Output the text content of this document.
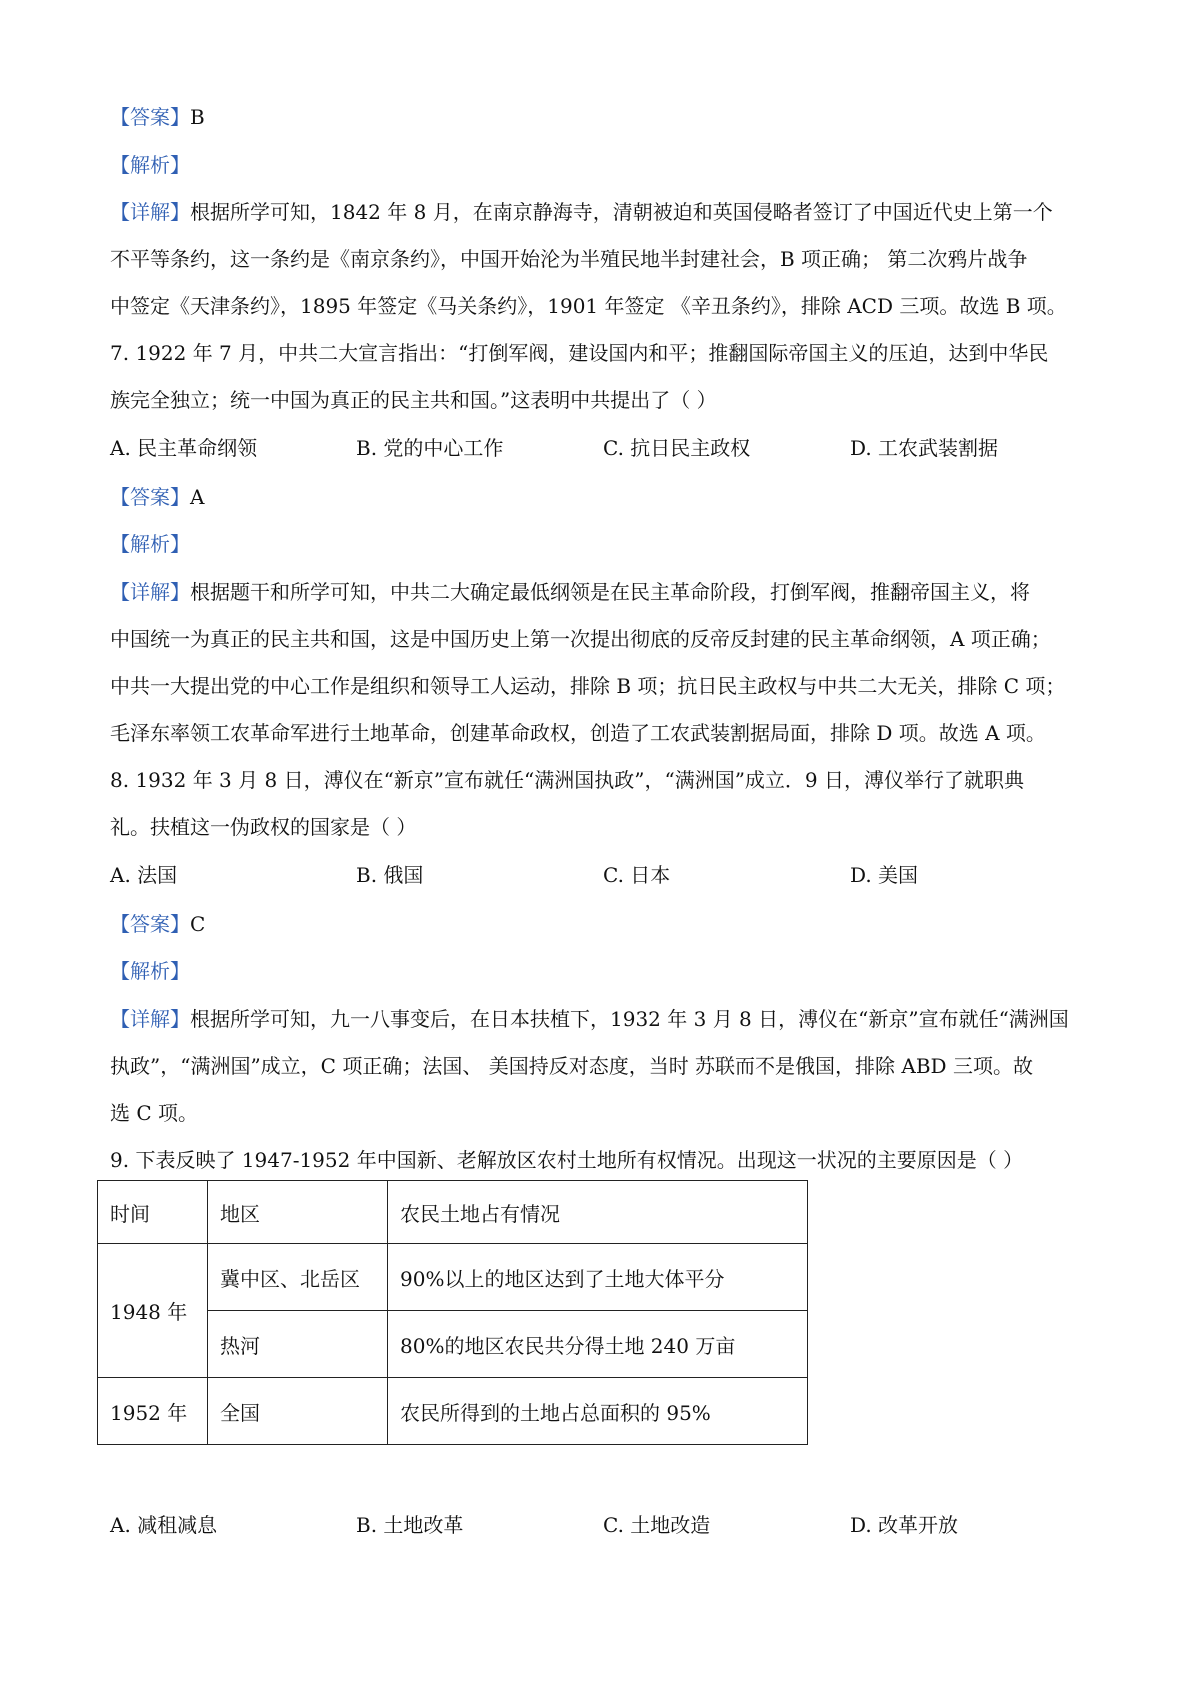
【答案】B
【解析】
【详解】根据所学可知，1842 年 8 月，在南京静海寺，清朝被迫和英国侵略者签订了中国近代史上第一个
不平等条约，这一条约是《南京条约》，中国开始沦为半殖民地半封建社会，B 项正确； 第二次鸦片战争
中签定《天津条约》，1895 年签定《马关条约》，1901 年签定 《辛丑条约》，排除 ACD 三项。故选 B 项。
7. 1922 年 7 月，中共二大宣言指出：“打倒军阀，建设国内和平；推翻国际帝国主义的压迫，达到中华民
族完全独立；统一中国为真正的民主共和国。”这表明中共提出了（ ）
A. 民主革命纲领	B. 党的中心工作	C. 抗日民主政权	D. 工农武装割据
【答案】A
【解析】
【详解】根据题干和所学可知，中共二大确定最低纲领是在民主革命阶段，打倒军阀，推翻帝国主义，将
中国统一为真正的民主共和国，这是中国历史上第一次提出彻底的反帝反封建的民主革命纲领，A 项正确；
中共一大提出党的中心工作是组织和领导工人运动，排除 B 项；抗日民主政权与中共二大无关，排除 C 项；
毛泽东率领工农革命军进行土地革命，创建革命政权，创造了工农武装割据局面，排除 D 项。故选 A 项。
8. 1932 年 3 月 8 日，溥仪在“新京”宣布就任“满洲国执政”，“满洲国”成立．9 日，溥仪举行了就职典
礼。扶植这一伪政权的国家是（ ）
A. 法国	B. 俄国	C. 日本	D. 美国
【答案】C
【解析】
【详解】根据所学可知，九一八事变后，在日本扶植下，1932 年 3 月 8 日，溥仪在“新京”宣布就任“满洲国
执政”，“满洲国”成立，C 项正确；法国、 美国持反对态度，当时 苏联而不是俄国，排除 ABD 三项。故
选 C 项。
9. 下表反映了 1947-1952 年中国新、老解放区农村土地所有权情况。出现这一状况的主要原因是（ ）
时间	地区	农民土地占有情况
1948 年	冀中区、北岳区	90%以上的地区达到了土地大体平分
	热河	80%的地区农民共分得土地 240 万亩
1952 年	全国	农民所得到的土地占总面积的 95%
A. 减租减息	B. 土地改革	C. 土地改造	D. 改革开放
